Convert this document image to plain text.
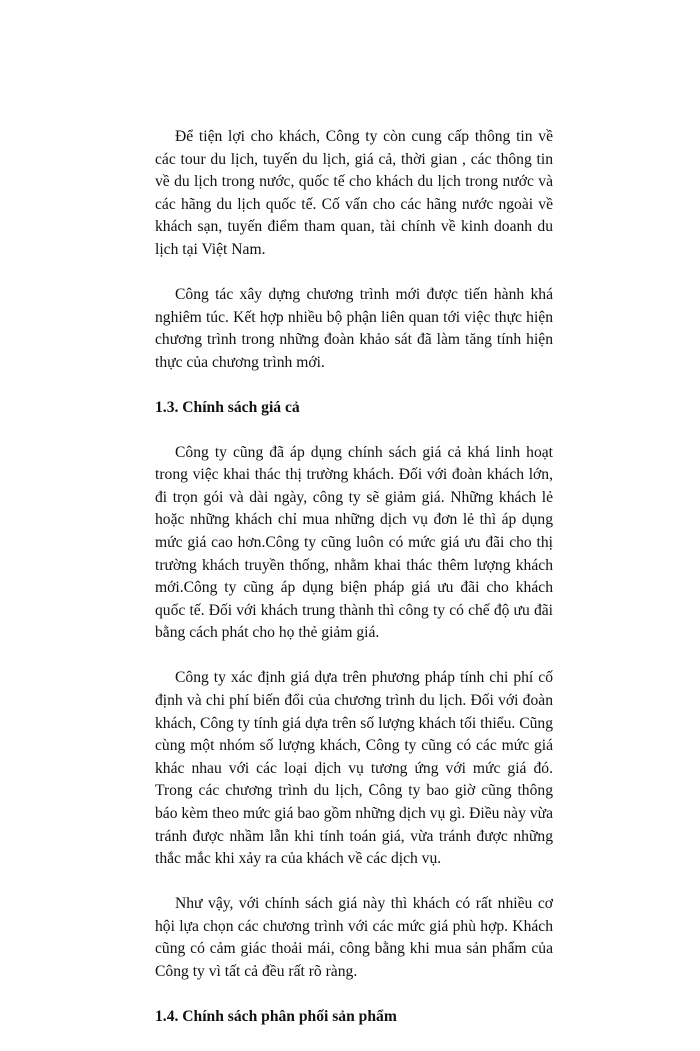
Để tiện lợi cho khách, Công ty còn cung cấp thông tin về các tour du lịch, tuyến du lịch, giá cả, thời gian , các thông tin về du lịch trong nước, quốc tế cho khách du lịch trong nước và các hãng du lịch quốc tế. Cố vấn cho các hãng nước ngoài về khách sạn, tuyến điểm tham quan, tài chính về kinh doanh du lịch tại Việt Nam.

Công tác xây dựng chương trình mới được tiến hành khá nghiêm túc. Kết hợp nhiều bộ phận liên quan tới việc thực hiện chương trình trong những đoàn khảo sát đã làm tăng tính hiện thực của chương trình mới.

1.3. Chính sách giá cả

Công ty cũng đã áp dụng chính sách giá cả khá linh hoạt trong việc khai thác thị trường khách. Đối với đoàn khách lớn, đi trọn gói và dài ngày, công ty sẽ giảm giá. Những khách lẻ hoặc những khách chỉ mua những dịch vụ đơn lẻ thì áp dụng mức giá cao hơn.Công ty cũng luôn có mức giá ưu đãi cho thị trường khách truyền thống, nhằm khai thác thêm lượng khách mới.Công ty cũng áp dụng biện pháp giá ưu đãi cho khách quốc tế. Đối với khách trung thành thì công ty có chế độ ưu đãi bằng cách phát cho họ thẻ giảm giá.

Công ty xác định giá dựa trên phương pháp tính chi phí cố định và chi phí biến đổi của chương trình du lịch. Đối với đoàn khách, Công ty tính giá dựa trên số lượng khách tối thiểu. Cũng cùng một nhóm số lượng khách, Công ty cũng có các mức giá khác nhau với các loại dịch vụ tương ứng với mức giá đó. Trong các chương trình du lịch, Công ty bao giờ cũng thông báo kèm theo mức giá bao gồm những dịch vụ gì. Điều này vừa tránh được nhầm lẫn khi tính toán giá, vừa tránh được những thắc mắc khi xảy ra của khách về các dịch vụ.

Như vậy, với chính sách giá này thì khách có rất nhiều cơ hội lựa chọn các chương trình với các mức giá phù hợp. Khách cũng có cảm giác thoải mái, công bằng khi mua sản phẩm của Công ty vì tất cả đều rất rõ ràng.

1.4. Chính sách phân phối sản phẩm
